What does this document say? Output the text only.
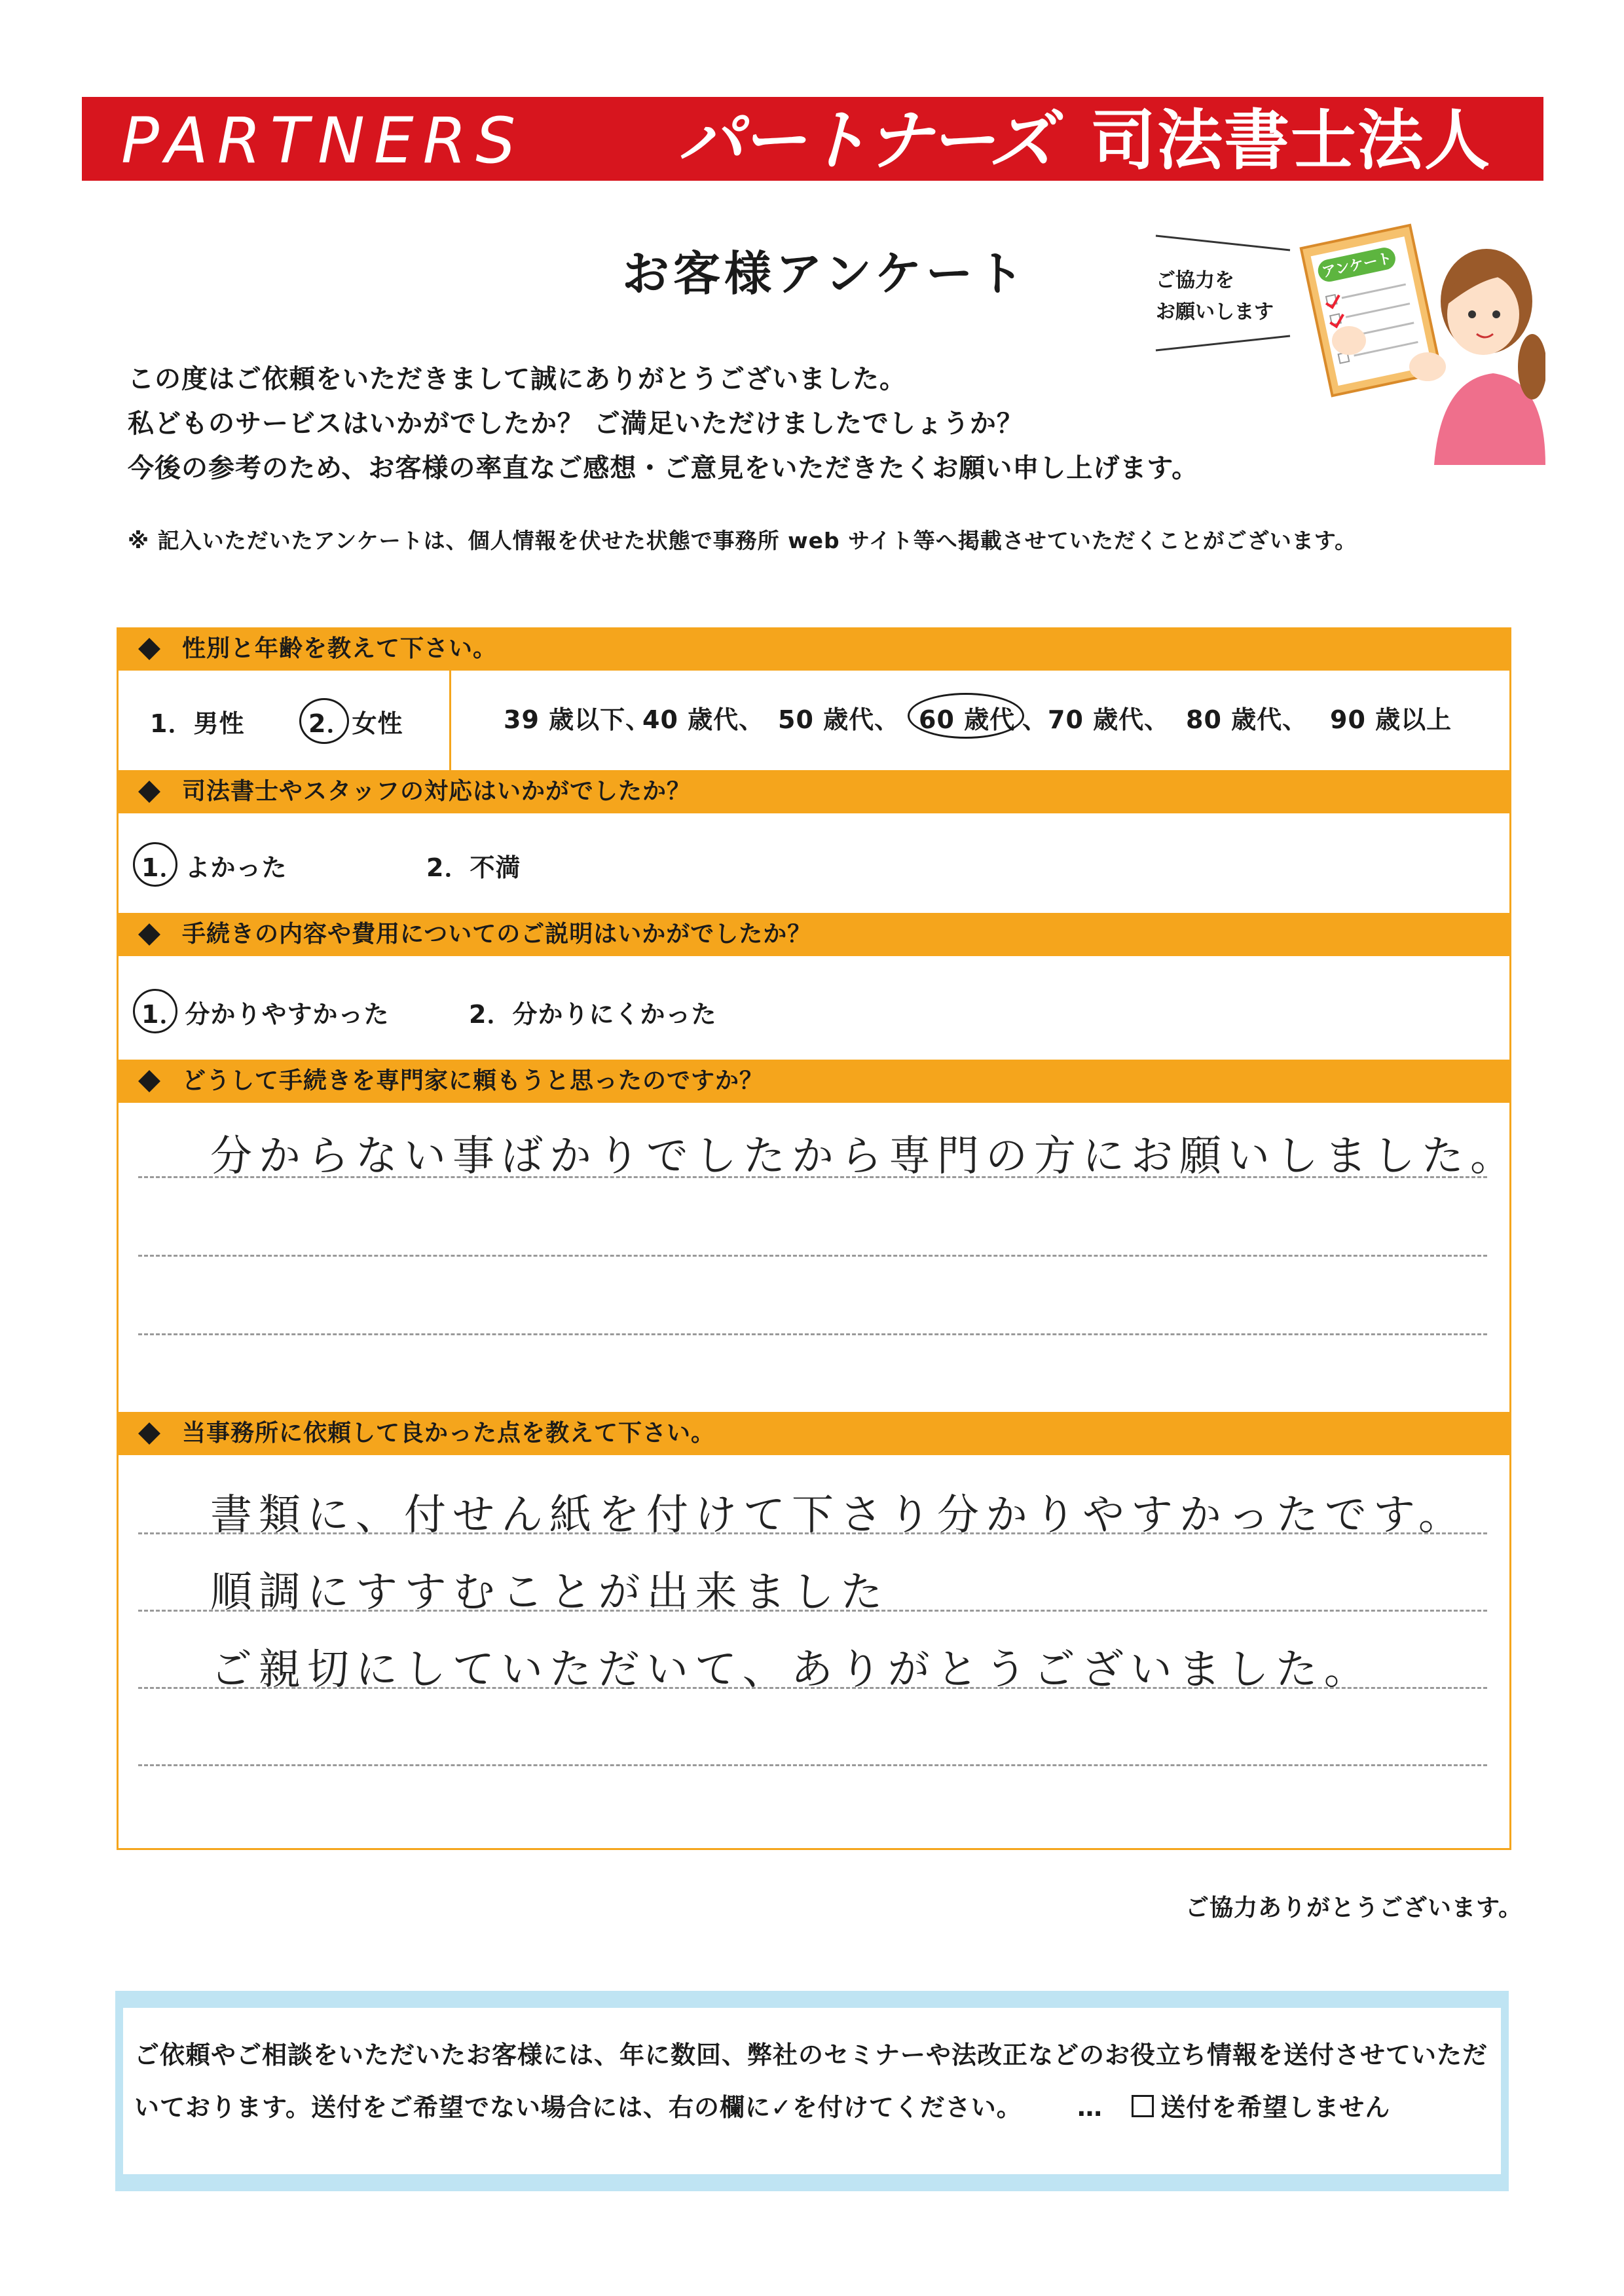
PARTNERS パートナーズ 司法書士法人
お客様アンケート	アンケート
ご協力を
お願いします
この度はご依頼をいただきまして誠にありがとうございました。
私どものサービスはいかがでしたか？ ご満足いただけましたでしょうか？
今後の参考のため、お客様の率直なご感想・ご意見をいただきたくお願い申し上げます。
※ 記入いただいたアンケートは、個人情報を伏せた状態で事務所 web サイト等へ掲載させていただくことがございます。
性別と年齢を教えて下さい。
1．男性	2．女性	39 歳以下、
40 歳代、 50 歳代、 60 歳代 、70 歳代、 80 歳代、 90 歳以上
司法書士やスタッフの対応はいかがでしたか？
1．よかった	2．不満
手続きの内容や費用についてのご説明はいかがでしたか？
1．分かりやすかった	2．分かりにくかった
どうして手続きを専門家に頼もうと思ったのですか？
分からない事ばかりでしたから専門の方にお願いしました。
当事務所に依頼して良かった点を教えて下さい。
書類に、付せん紙を付けて下さり分かりやすかったです。
順調にすすむことが出来ました
ご親切にしていただいて、ありがとうございました。
ご協力ありがとうございます。
ご依頼やご相談をいただいたお客様には、年に数回、弊社のセミナーや法改正などのお役立ち情報を送付させていただ
いております。送付をご希望でない場合には、右の欄に✓を付けてください。 … 送付を希望しません
